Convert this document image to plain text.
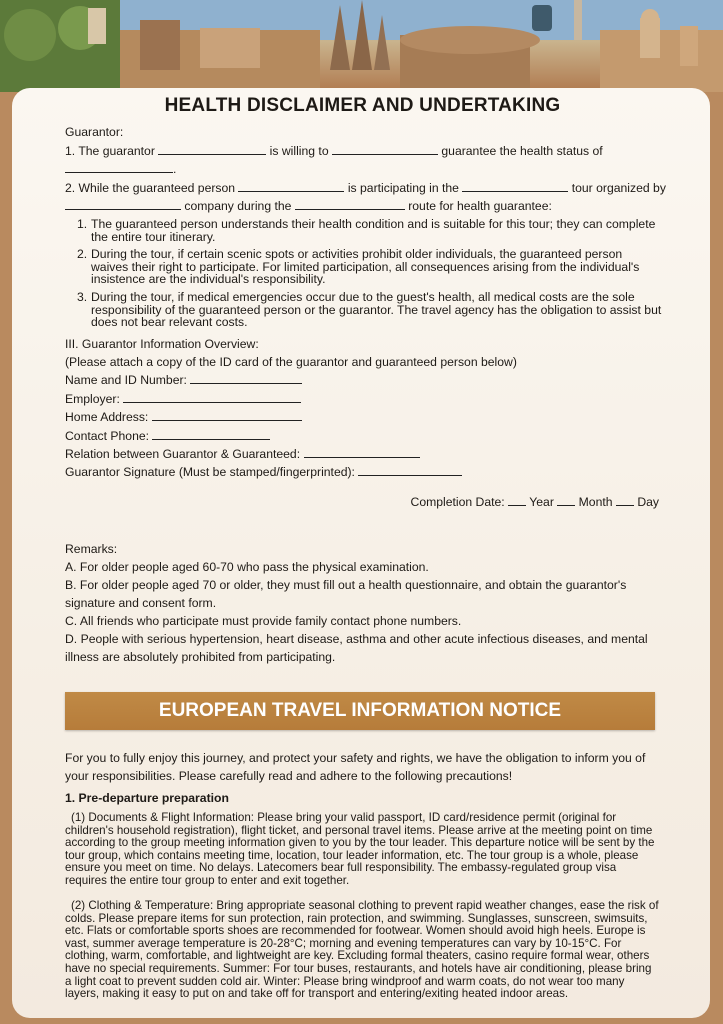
HEALTH DISCLAIMER AND UNDERTAKING
Guarantor:
1. The guarantor	is willing to	guarantee the health status of
.
2. While the guaranteed person	is participating in the	tour organized by
company during the	route for health guarantee:
1. The guaranteed person understands their health condition and is suitable for this tour; they can complete the entire tour itinerary.
2. During the tour, if certain scenic spots or activities prohibit older individuals, the guaranteed person waives their right to participate. For limited participation, all consequences arising from the individual's insistence are the individual's responsibility.
3. During the tour, if medical emergencies occur due to the guest's health, all medical costs are the sole responsibility of the guaranteed person or the guarantor. The travel agency has the obligation to assist but does not bear relevant costs.
III. Guarantor Information Overview:
(Please attach a copy of the ID card of the guarantor and guaranteed person below)
Name and ID Number:
Employer:
Home Address:
Contact Phone:
Relation between Guarantor & Guaranteed:
Guarantor Signature (Must be stamped/fingerprinted):
Completion Date: Year Month Day
Remarks:
A. For older people aged 60-70 who pass the physical examination.
B. For older people aged 70 or older, they must fill out a health questionnaire, and obtain the guarantor's signature and consent form.
C. All friends who participate must provide family contact phone numbers.
D. People with serious hypertension, heart disease, asthma and other acute infectious diseases, and mental illness are absolutely prohibited from participating.
EUROPEAN TRAVEL INFORMATION NOTICE
For you to fully enjoy this journey, and protect your safety and rights, we have the obligation to inform you of your responsibilities. Please carefully read and adhere to the following precautions!
1. Pre-departure preparation
(1) Documents & Flight Information: Please bring your valid passport, ID card/residence permit (original for children's household registration), flight ticket, and personal travel items. Please arrive at the meeting point on time according to the group meeting information given to you by the tour leader. This departure notice will be sent by the tour group, which contains meeting time, location, tour leader information, etc. The tour group is a whole, please ensure you meet on time. No delays. Latecomers bear full responsibility. The embassy-regulated group visa requires the entire tour group to enter and exit together.
(2) Clothing & Temperature: Bring appropriate seasonal clothing to prevent rapid weather changes, ease the risk of colds. Please prepare items for sun protection, rain protection, and swimming. Sunglasses, sunscreen, swimsuits, etc. Flats or comfortable sports shoes are recommended for footwear. Women should avoid high heels. Europe is vast, summer average temperature is 20-28°C; morning and evening temperatures can vary by 10-15°C. For clothing, warm, comfortable, and lightweight are key. Excluding formal theaters, casino require formal wear, others have no special requirements. Summer: For tour buses, restaurants, and hotels have air conditioning, please bring a light coat to prevent sudden cold air. Winter: Please bring windproof and warm coats, do not wear too many layers, making it easy to put on and take off for transport and entering/exiting heated indoor areas.
